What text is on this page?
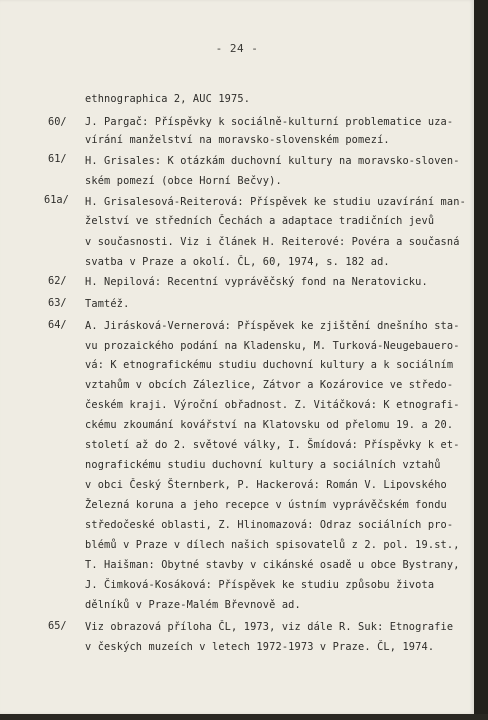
- 24 -
60/
61/
61a/
62/
63/
64/
65/
ethnographica 2, AUC 1975.
J. Pargač: Příspěvky k sociálně-kulturní problematice uza-
vírání manželství na moravsko-slovenském pomezí.
H. Grisales: K otázkám duchovní kultury na moravsko-sloven-
ském pomezí (obce Horní Bečvy).
H. Grisalesová-Reiterová: Příspěvek ke studiu uzavírání man-
želství ve středních Čechách a adaptace tradičních jevů
v současnosti. Viz i článek H. Reiterové: Povéra a současná
svatba v Praze a okolí. ČL, 60, 1974, s. 182 ad.
H. Nepilová: Recentní vyprávěčský fond na Neratovicku.
Tamtéž.
A. Jirásková-Vernerová: Příspěvek ke zjištění dnešního sta-
vu prozaického podání na Kladensku, M. Turková-Neugebauero-
vá: K etnografickému studiu duchovní kultury a k sociálním
vztahům v obcích Zálezlice, Zátvor a Kozárovice ve středo-
českém kraji. Výroční obřadnost. Z. Vitáčková: K etnografi-
ckému zkoumání kovářství na Klatovsku od přelomu 19. a 20.
století až do 2. světové války, I. Šmídová: Příspěvky k et-
nografickému studiu duchovní kultury a sociálních vztahů
v obci Český Šternberk, P. Hackerová: Román V. Lipovského
Železná koruna a jeho recepce v ústním vyprávěčském fondu
středočeské oblasti, Z. Hlinomazová: Odraz sociálních pro-
blémů v Praze v dílech našich spisovatelů z 2. pol. 19.st.,
T. Haišman: Obytné stavby v cikánské osadě u obce Bystrany,
J. Čimková-Kosáková: Příspěvek ke studiu způsobu života
dělníků v Praze-Malém Břevnově ad.
Viz obrazová příloha ČL, 1973, viz dále R. Suk: Etnografie
v českých muzeích v letech 1972-1973 v Praze. ČL, 1974.
